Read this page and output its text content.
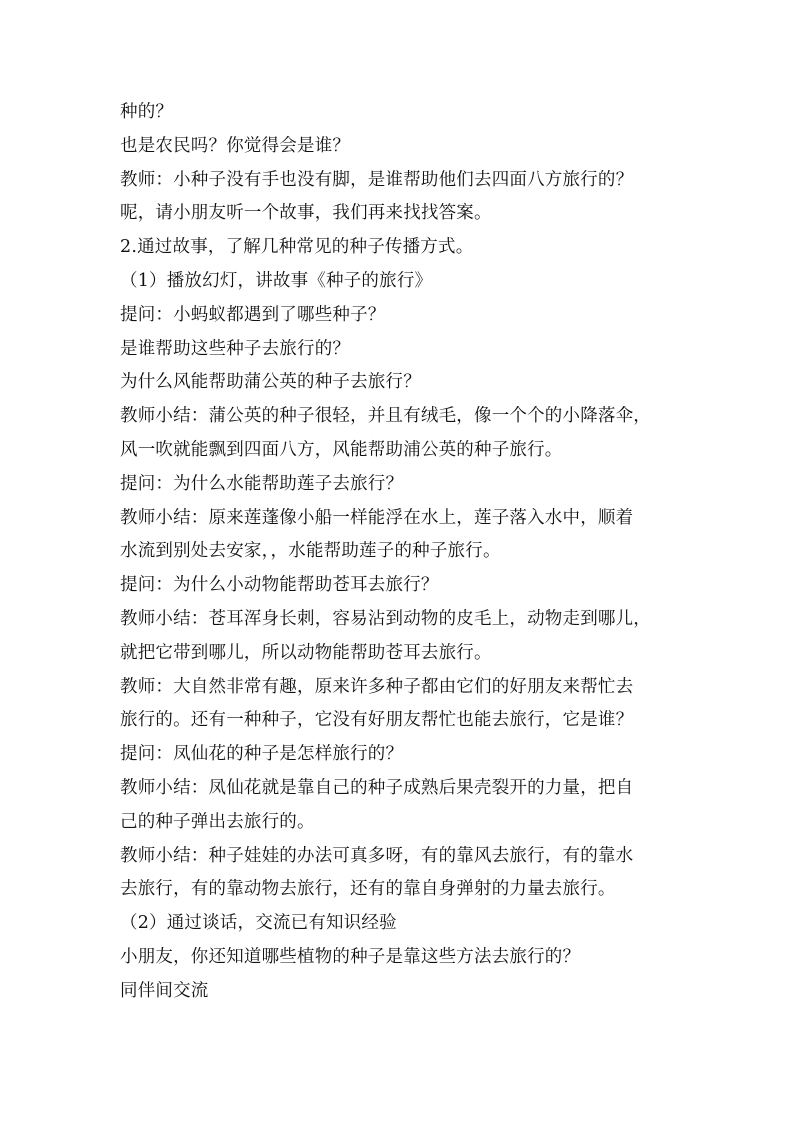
种的？

也是农民吗？你觉得会是谁？

教师：小种子没有手也没有脚，是谁帮助他们去四面八方旅行的？

呢，请小朋友听一个故事，我们再来找找答案。

2.通过故事，了解几种常见的种子传播方式。

（1）播放幻灯，讲故事《种子的旅行》

提问：小蚂蚁都遇到了哪些种子？

是谁帮助这些种子去旅行的？

为什么风能帮助蒲公英的种子去旅行？

教师小结：蒲公英的种子很轻，并且有绒毛，像一个个的小降落伞，

风一吹就能飘到四面八方，风能帮助浦公英的种子旅行。

提问：为什么水能帮助莲子去旅行？

教师小结：原来莲蓬像小船一样能浮在水上，莲子落入水中，顺着

水流到别处去安家，，水能帮助莲子的种子旅行。

提问：为什么小动物能帮助苍耳去旅行？

教师小结：苍耳浑身长刺，容易沾到动物的皮毛上，动物走到哪儿，

就把它带到哪儿，所以动物能帮助苍耳去旅行。

教师：大自然非常有趣，原来许多种子都由它们的好朋友来帮忙去

旅行的。还有一种种子，它没有好朋友帮忙也能去旅行，它是谁？

提问：凤仙花的种子是怎样旅行的？

教师小结：凤仙花就是靠自己的种子成熟后果壳裂开的力量，把自

己的种子弹出去旅行的。

教师小结：种子娃娃的办法可真多呀，有的靠风去旅行，有的靠水

去旅行，有的靠动物去旅行，还有的靠自身弹射的力量去旅行。

（2）通过谈话，交流已有知识经验

小朋友，你还知道哪些植物的种子是靠这些方法去旅行的？

同伴间交流
